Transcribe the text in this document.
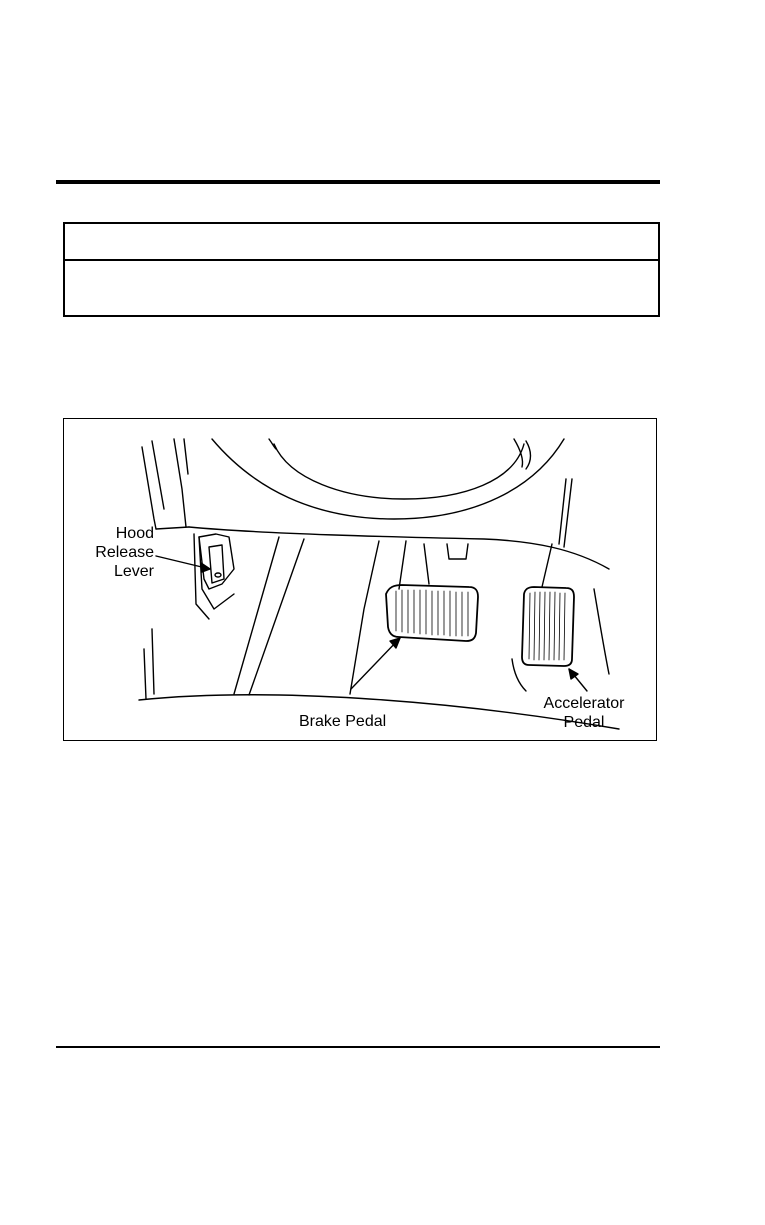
Hood
Release
Lever
Brake Pedal
Accelerator
Pedal
